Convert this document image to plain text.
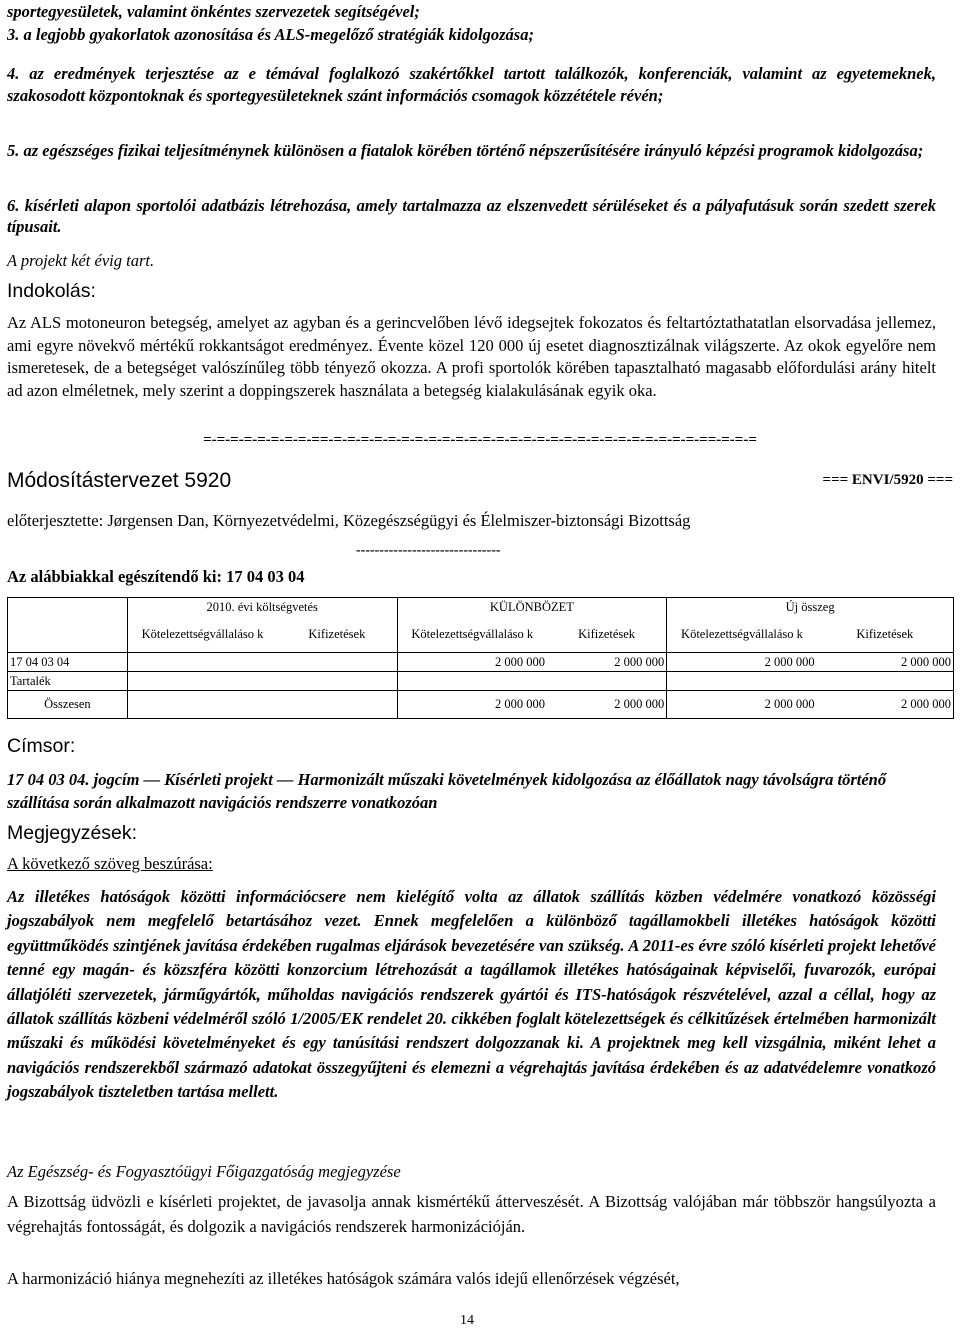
sportegyesületek, valamint önkéntes szervezetek segítségével;

3. a legjobb gyakorlatok azonosítása és ALS-megelőző stratégiák kidolgozása;

4. az eredmények terjesztése az e témával foglalkozó szakértőkkel tartott találkozók, konferenciák, valamint az egyetemeknek, szakosodott központoknak és sportegyesületeknek szánt információs csomagok közzététele révén;

5. az egészséges fizikai teljesítménynek különösen a fiatalok körében történő népszerűsítésére irányuló képzési programok kidolgozása;

6. kísérleti alapon sportolói adatbázis létrehozása, amely tartalmazza az elszenvedett sérüléseket és a pályafutásuk során szedett szerek típusait.

A projekt két évig tart.

Indokolás:

Az ALS motoneuron betegség, amelyet az agyban és a gerincvelőben lévő idegsejtek fokozatos és feltartóztathatatlan elsorvadása jellemez, ami egyre növekvő mértékű rokkantságot eredményez. Évente közel 120 000 új esetet diagnosztizálnak világszerte. Az okok egyelőre nem ismeretesek, de a betegséget valószínűleg több tényező okozza. A profi sportolók körében tapasztalható magasabb előfordulási arány hitelt ad azon elméletnek, mely szerint a doppingszerek használata a betegség kialakulásának egyik oka.

=-=-=-=-=-=-=-=-==-=-=-=-=-=-=-=-=-=-=-=-=-=-=-=-=-=-=-=-=-=-=-=-=-=-=-=-==-=-=-=

Módosítástervezet 5920	=== ENVI/5920 ===

előterjesztette: Jørgensen Dan, Környezetvédelmi, Közegészségügyi és Élelmiszer-biztonsági Bizottság

-------------------------------

Az alábbiakkal egészítendő ki: 17 04 03 04

	2010. évi költségvetés		KÜLÖNBÖZET		Új összeg	
	Kötelezettségvállaláso k	Kifizetések	Kötelezettségvállaláso k	Kifizetések	Kötelezettségvállaláso k	Kifizetések
17 04 03 04			2 000 000	2 000 000	2 000 000	2 000 000
Tartalék						
Összesen			2 000 000	2 000 000	2 000 000	2 000 000

Címsor:

17 04 03 04. jogcím — Kísérleti projekt — Harmonizált műszaki követelmények kidolgozása az élőállatok nagy távolságra történő szállítása során alkalmazott navigációs rendszerre vonatkozóan

Megjegyzések:

A következő szöveg beszúrása:

Az illetékes hatóságok közötti információcsere nem kielégítő volta az állatok szállítás közben védelmére vonatkozó közösségi jogszabályok nem megfelelő betartásához vezet. Ennek megfelelően a különböző tagállamokbeli illetékes hatóságok közötti együttműködés szintjének javítása érdekében rugalmas eljárások bevezetésére van szükség. A 2011-es évre szóló kísérleti projekt lehetővé tenné egy magán- és közszféra közötti konzorcium létrehozását a tagállamok illetékes hatóságainak képviselői, fuvarozók, európai állatjóléti szervezetek, járműgyártók, műholdas navigációs rendszerek gyártói és ITS-hatóságok részvételével, azzal a céllal, hogy az állatok szállítás közbeni védelméről szóló 1/2005/EK rendelet 20. cikkében foglalt kötelezettségek és célkitűzések értelmében harmonizált műszaki és működési követelményeket és egy tanúsítási rendszert dolgozzanak ki. A projektnek meg kell vizsgálnia, miként lehet a navigációs rendszerekből származó adatokat összegyűjteni és elemezni a végrehajtás javítása érdekében és az adatvédelemre vonatkozó jogszabályok tiszteletben tartása mellett.

Az Egészség- és Fogyasztóügyi Főigazgatóság megjegyzése

A Bizottság üdvözli e kísérleti projektet, de javasolja annak kismértékű átterveszését. A Bizottság valójában már többször hangsúlyozta a végrehajtás fontosságát, és dolgozik a navigációs rendszerek harmonizációján.

A harmonizáció hiánya megnehezíti az illetékes hatóságok számára valós idejű ellenőrzések végzését,

14
